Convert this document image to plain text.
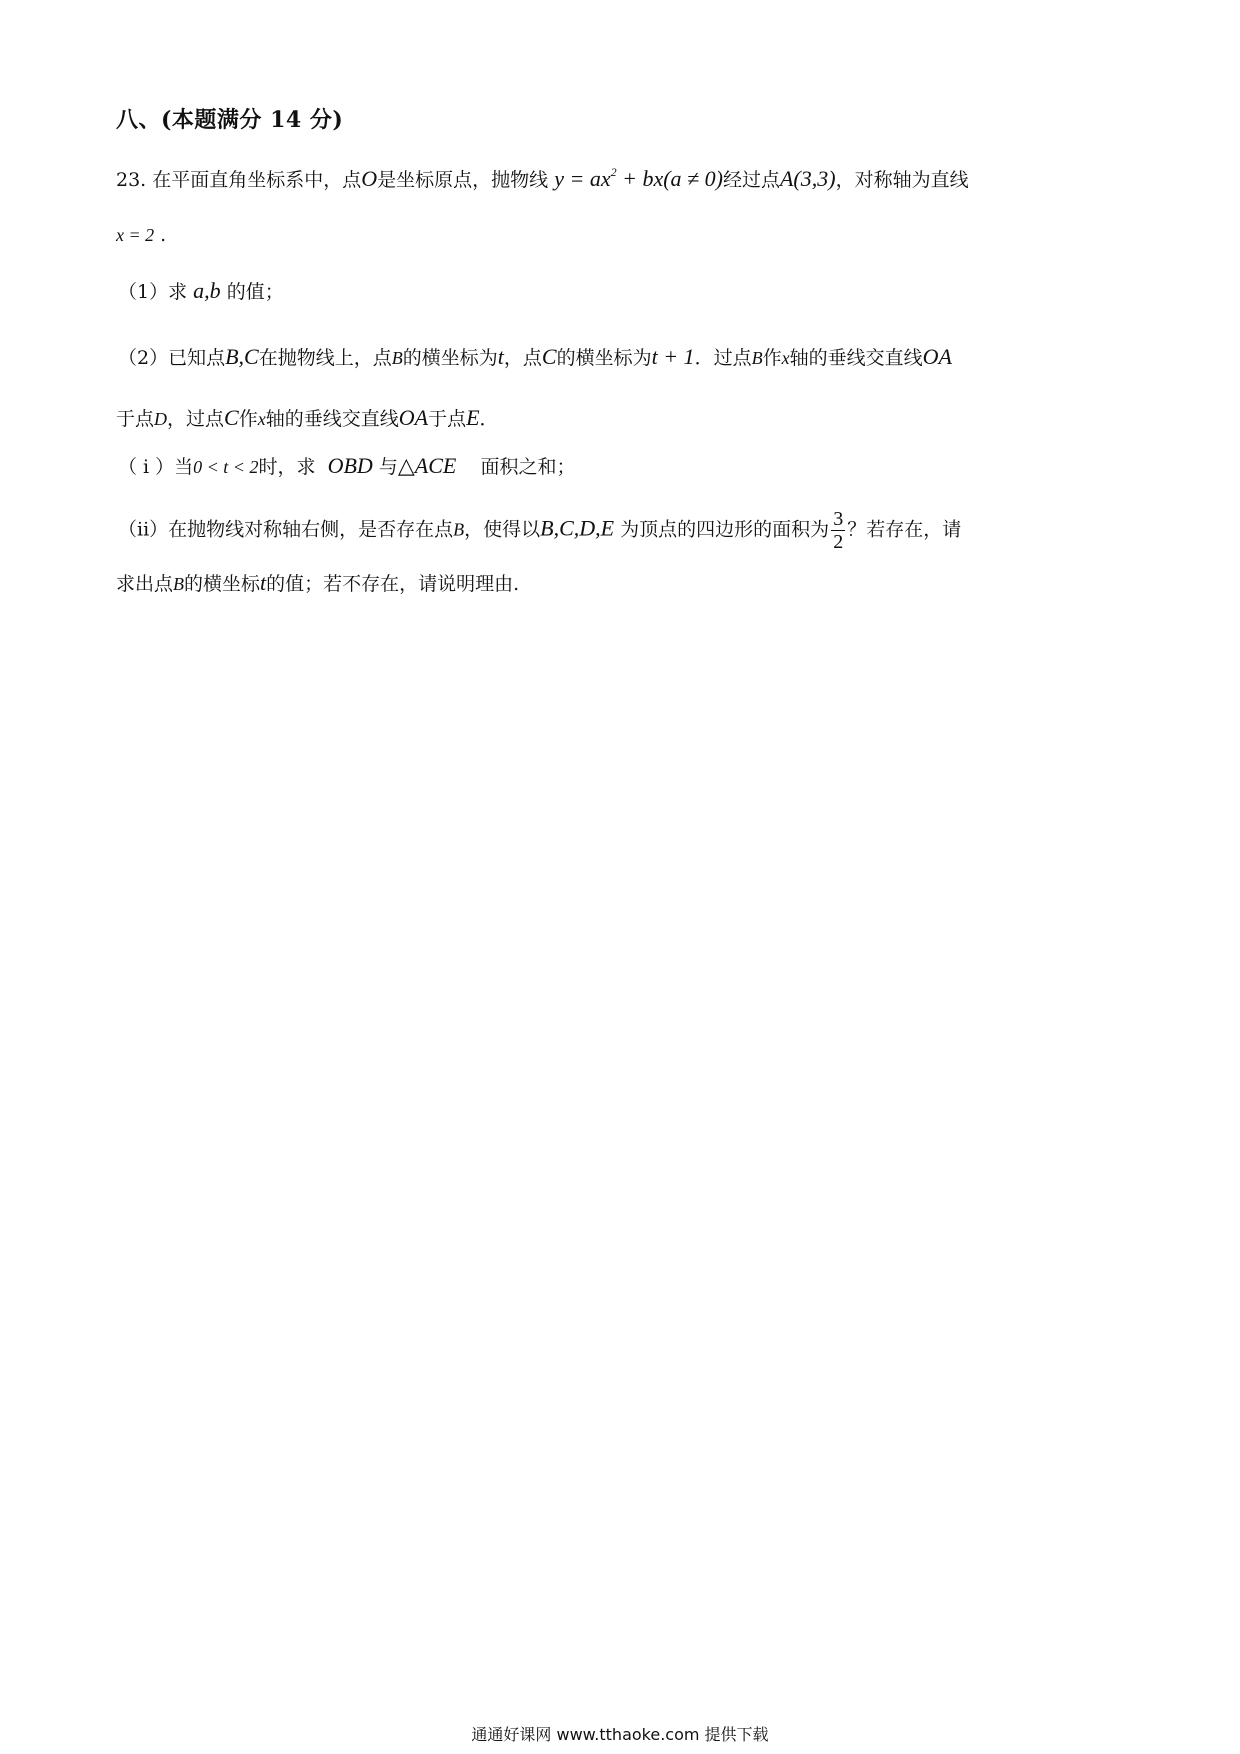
八、(本题满分 14 分)
23. 在平面直角坐标系中，点O是坐标原点，抛物线 $y = ax^2 + bx(a \ne 0)$经过点A(3,3)，对称轴为直线
x = 2 .
（1）求 a,b 的值；
（2）已知点B,C在抛物线上，点B的横坐标为t，点C的横坐标为t + 1．过点B作x轴的垂线交直线OA
于点D，过点C作x轴的垂线交直线OA于点E．
（ i ）当0 < t < 2时，求 OBD 与△ACE 面积之和；
（ii）在抛物线对称轴右侧，是否存在点B，使得以B,C,D,E 为顶点的四边形的面积为 $\frac{3}{2}$ ？若存在，请
求出点B的横坐标t的值；若不存在，请说明理由.
通通好课网 www.tthaoke.com 提供下载
